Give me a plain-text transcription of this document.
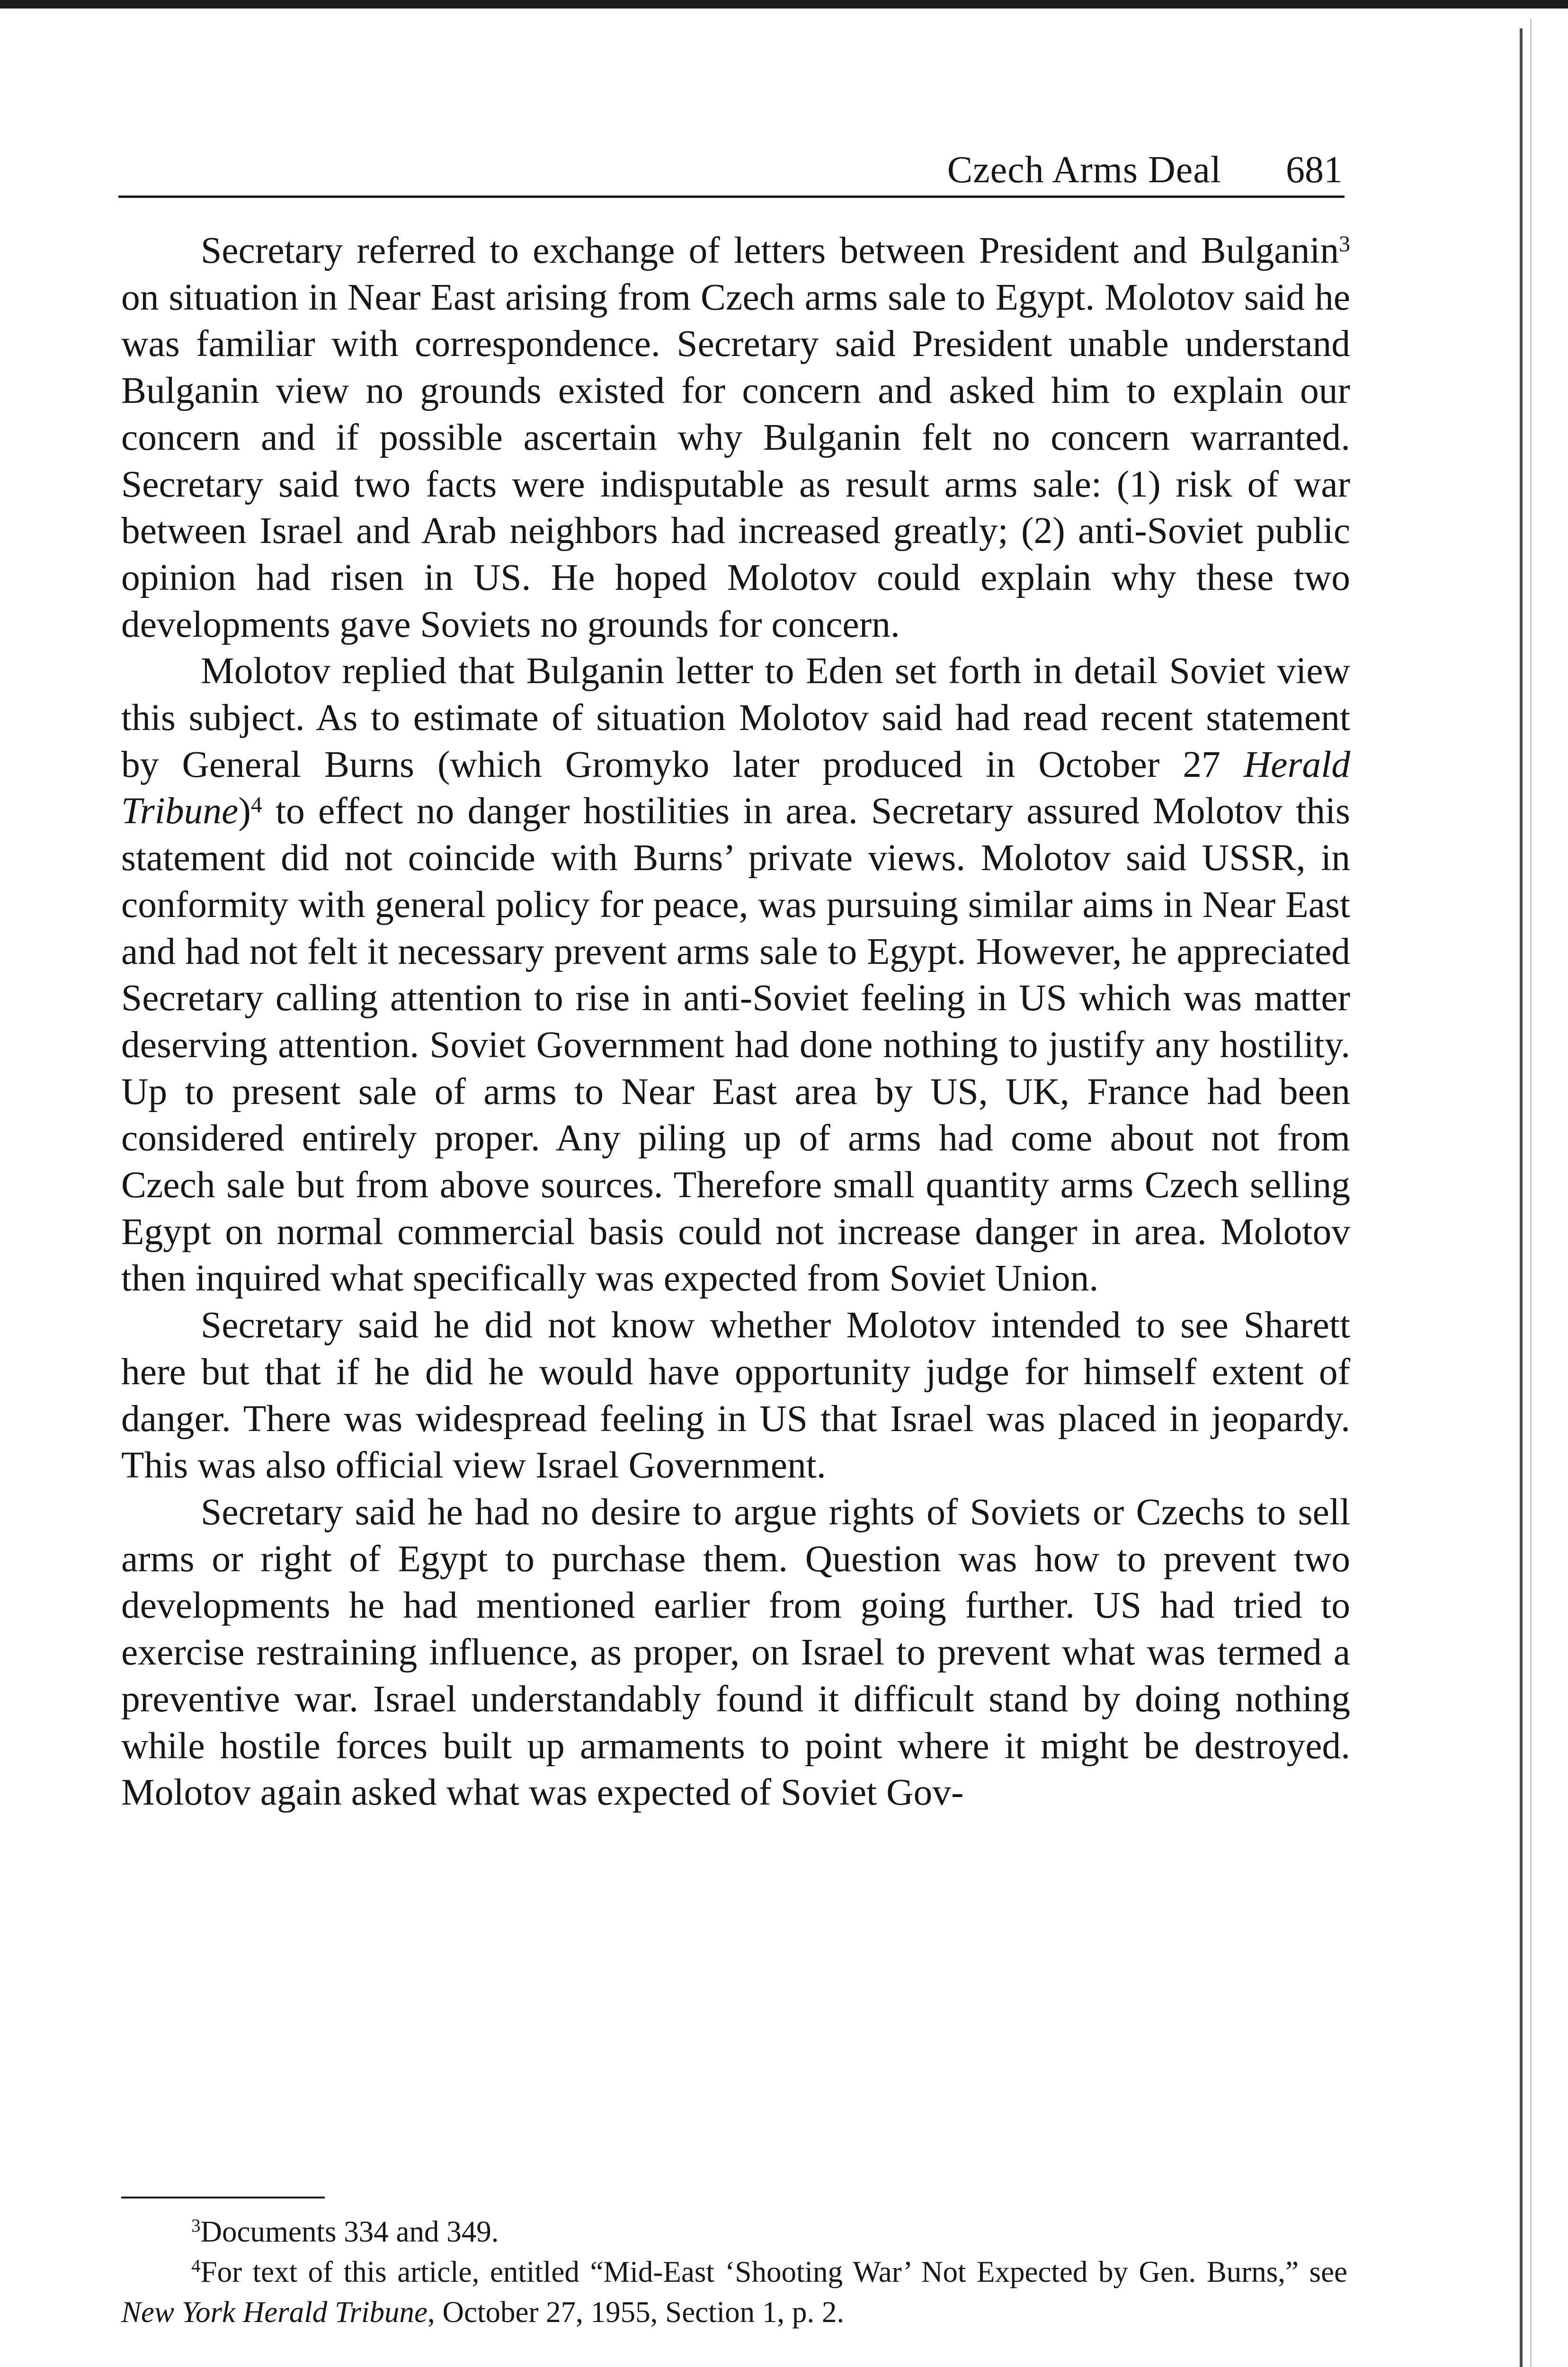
Czech Arms Deal 681

Secretary referred to exchange of letters between President and Bulganin$^3$ on situation in Near East arising from Czech arms sale to Egypt. Molotov said he was familiar with correspondence. Secretary said President unable understand Bulganin view no grounds existed for concern and asked him to explain our concern and if possible ascertain why Bulganin felt no concern warranted. Secretary said two facts were indisputable as result arms sale: (1) risk of war between Israel and Arab neighbors had increased greatly; (2) anti-Soviet public opinion had risen in US. He hoped Molotov could explain why these two developments gave Soviets no grounds for concern.

Molotov replied that Bulganin letter to Eden set forth in detail Soviet view this subject. As to estimate of situation Molotov said had read recent statement by General Burns (which Gromyko later produced in October 27 Herald Tribune)$^4$ to effect no danger hostilities in area. Secretary assured Molotov this statement did not coincide with Burns’ private views. Molotov said USSR, in conformity with general policy for peace, was pursuing similar aims in Near East and had not felt it necessary prevent arms sale to Egypt. However, he appreciated Secretary calling attention to rise in anti-Soviet feeling in US which was matter deserving attention. Soviet Government had done nothing to justify any hostility. Up to present sale of arms to Near East area by US, UK, France had been considered entirely proper. Any piling up of arms had come about not from Czech sale but from above sources. Therefore small quantity arms Czech selling Egypt on normal commercial basis could not increase danger in area. Molotov then inquired what specifically was expected from Soviet Union.

Secretary said he did not know whether Molotov intended to see Sharett here but that if he did he would have opportunity judge for himself extent of danger. There was widespread feeling in US that Israel was placed in jeopardy. This was also official view Israel Government.

Secretary said he had no desire to argue rights of Soviets or Czechs to sell arms or right of Egypt to purchase them. Question was how to prevent two developments he had mentioned earlier from going further. US had tried to exercise restraining influence, as proper, on Israel to prevent what was termed a preventive war. Israel understandably found it difficult stand by doing nothing while hostile forces built up armaments to point where it might be destroyed. Molotov again asked what was expected of Soviet Gov-

$^3$Documents 334 and 349.

$^4$For text of this article, entitled “Mid-East ‘Shooting War’ Not Expected by Gen. Burns,” see New York Herald Tribune, October 27, 1955, Section 1, p. 2.
